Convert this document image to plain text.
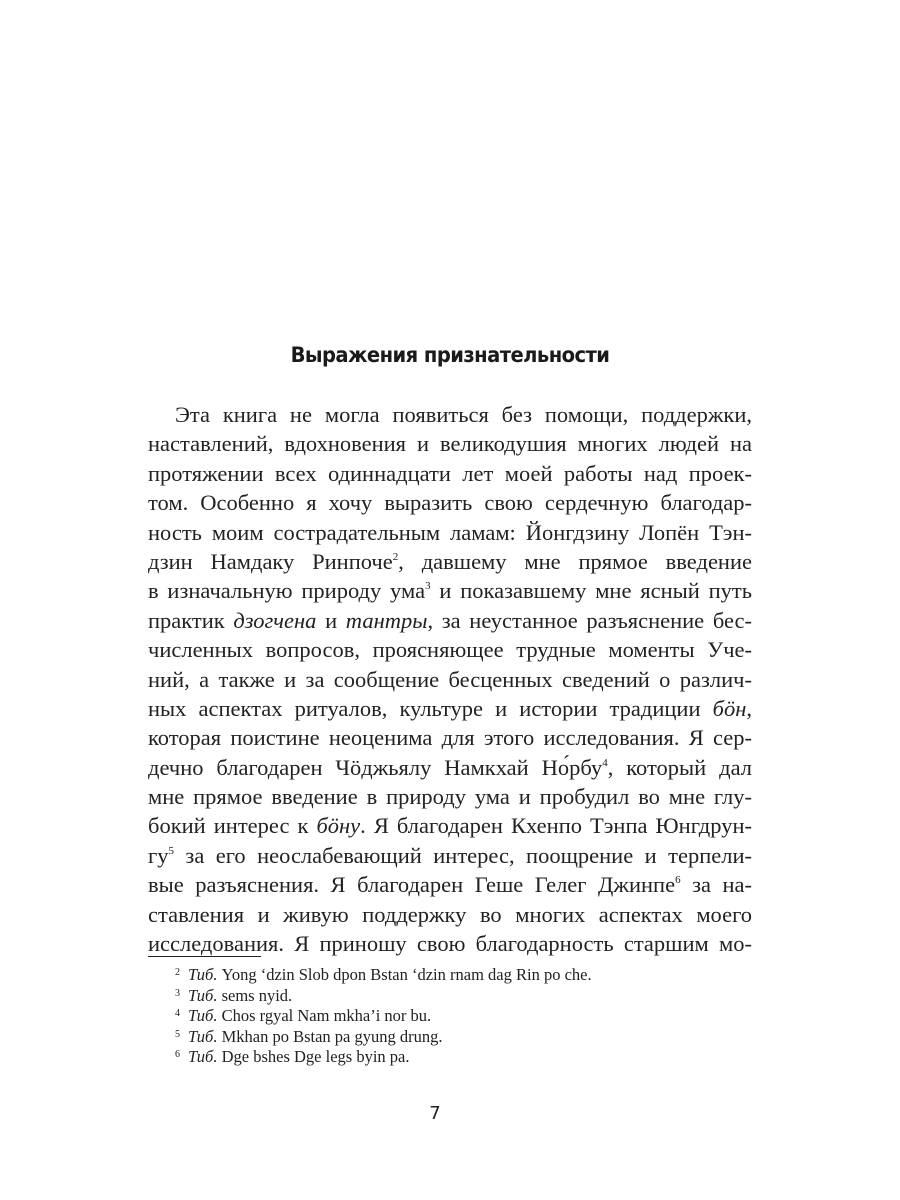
Выражения признательности
Эта книга не могла появиться без помощи, поддержки,
наставлений, вдохновения и великодушия многих людей на
протяжении всех одиннадцати лет моей работы над проек-
том. Особенно я хочу выразить свою сердечную благодар-
ность моим сострадательным ламам: Йонгдзину Лопён Тэн-
дзин Намдаку Ринпоче$^2$, давшему мне прямое введение
в изначальную природу ума$^3$ и показавшему мне ясный путь
практик дзогчена и тантры, за неустанное разъяснение бес-
численных вопросов, проясняющее трудные моменты Уче-
ний, а также и за сообщение бесценных сведений о различ-
ных аспектах ритуалов, культуре и истории традиции бӧн,
которая поистине неоценима для этого исследования. Я сер-
дечно благодарен Чӧджьялу Намкхай Но́рбу$^4$, который дал
мне прямое введение в природу ума и пробудил во мне глу-
бокий интерес к бӧну. Я благодарен Кхенпо Тэнпа Юнгдрун-
$гу^5$ за его неослабевающий интерес, поощрение и терпели-
вые разъяснения. Я благодарен Геше Гелег Джинпе$^6$ за на-
ставления и живую поддержку во многих аспектах моего
исследования. Я приношу свою благодарность старшим мо-
2 Тиб. Yong ‘dzin Slob dpon Bstan ‘dzin rnam dag Rin po che.
3 Тиб. sems nyid.
4 Тиб. Chos rgyal Nam mkha’i nor bu.
5 Тиб. Mkhan po Bstan pa gyung drung.
6 Тиб. Dge bshes Dge legs byin pa.
7
